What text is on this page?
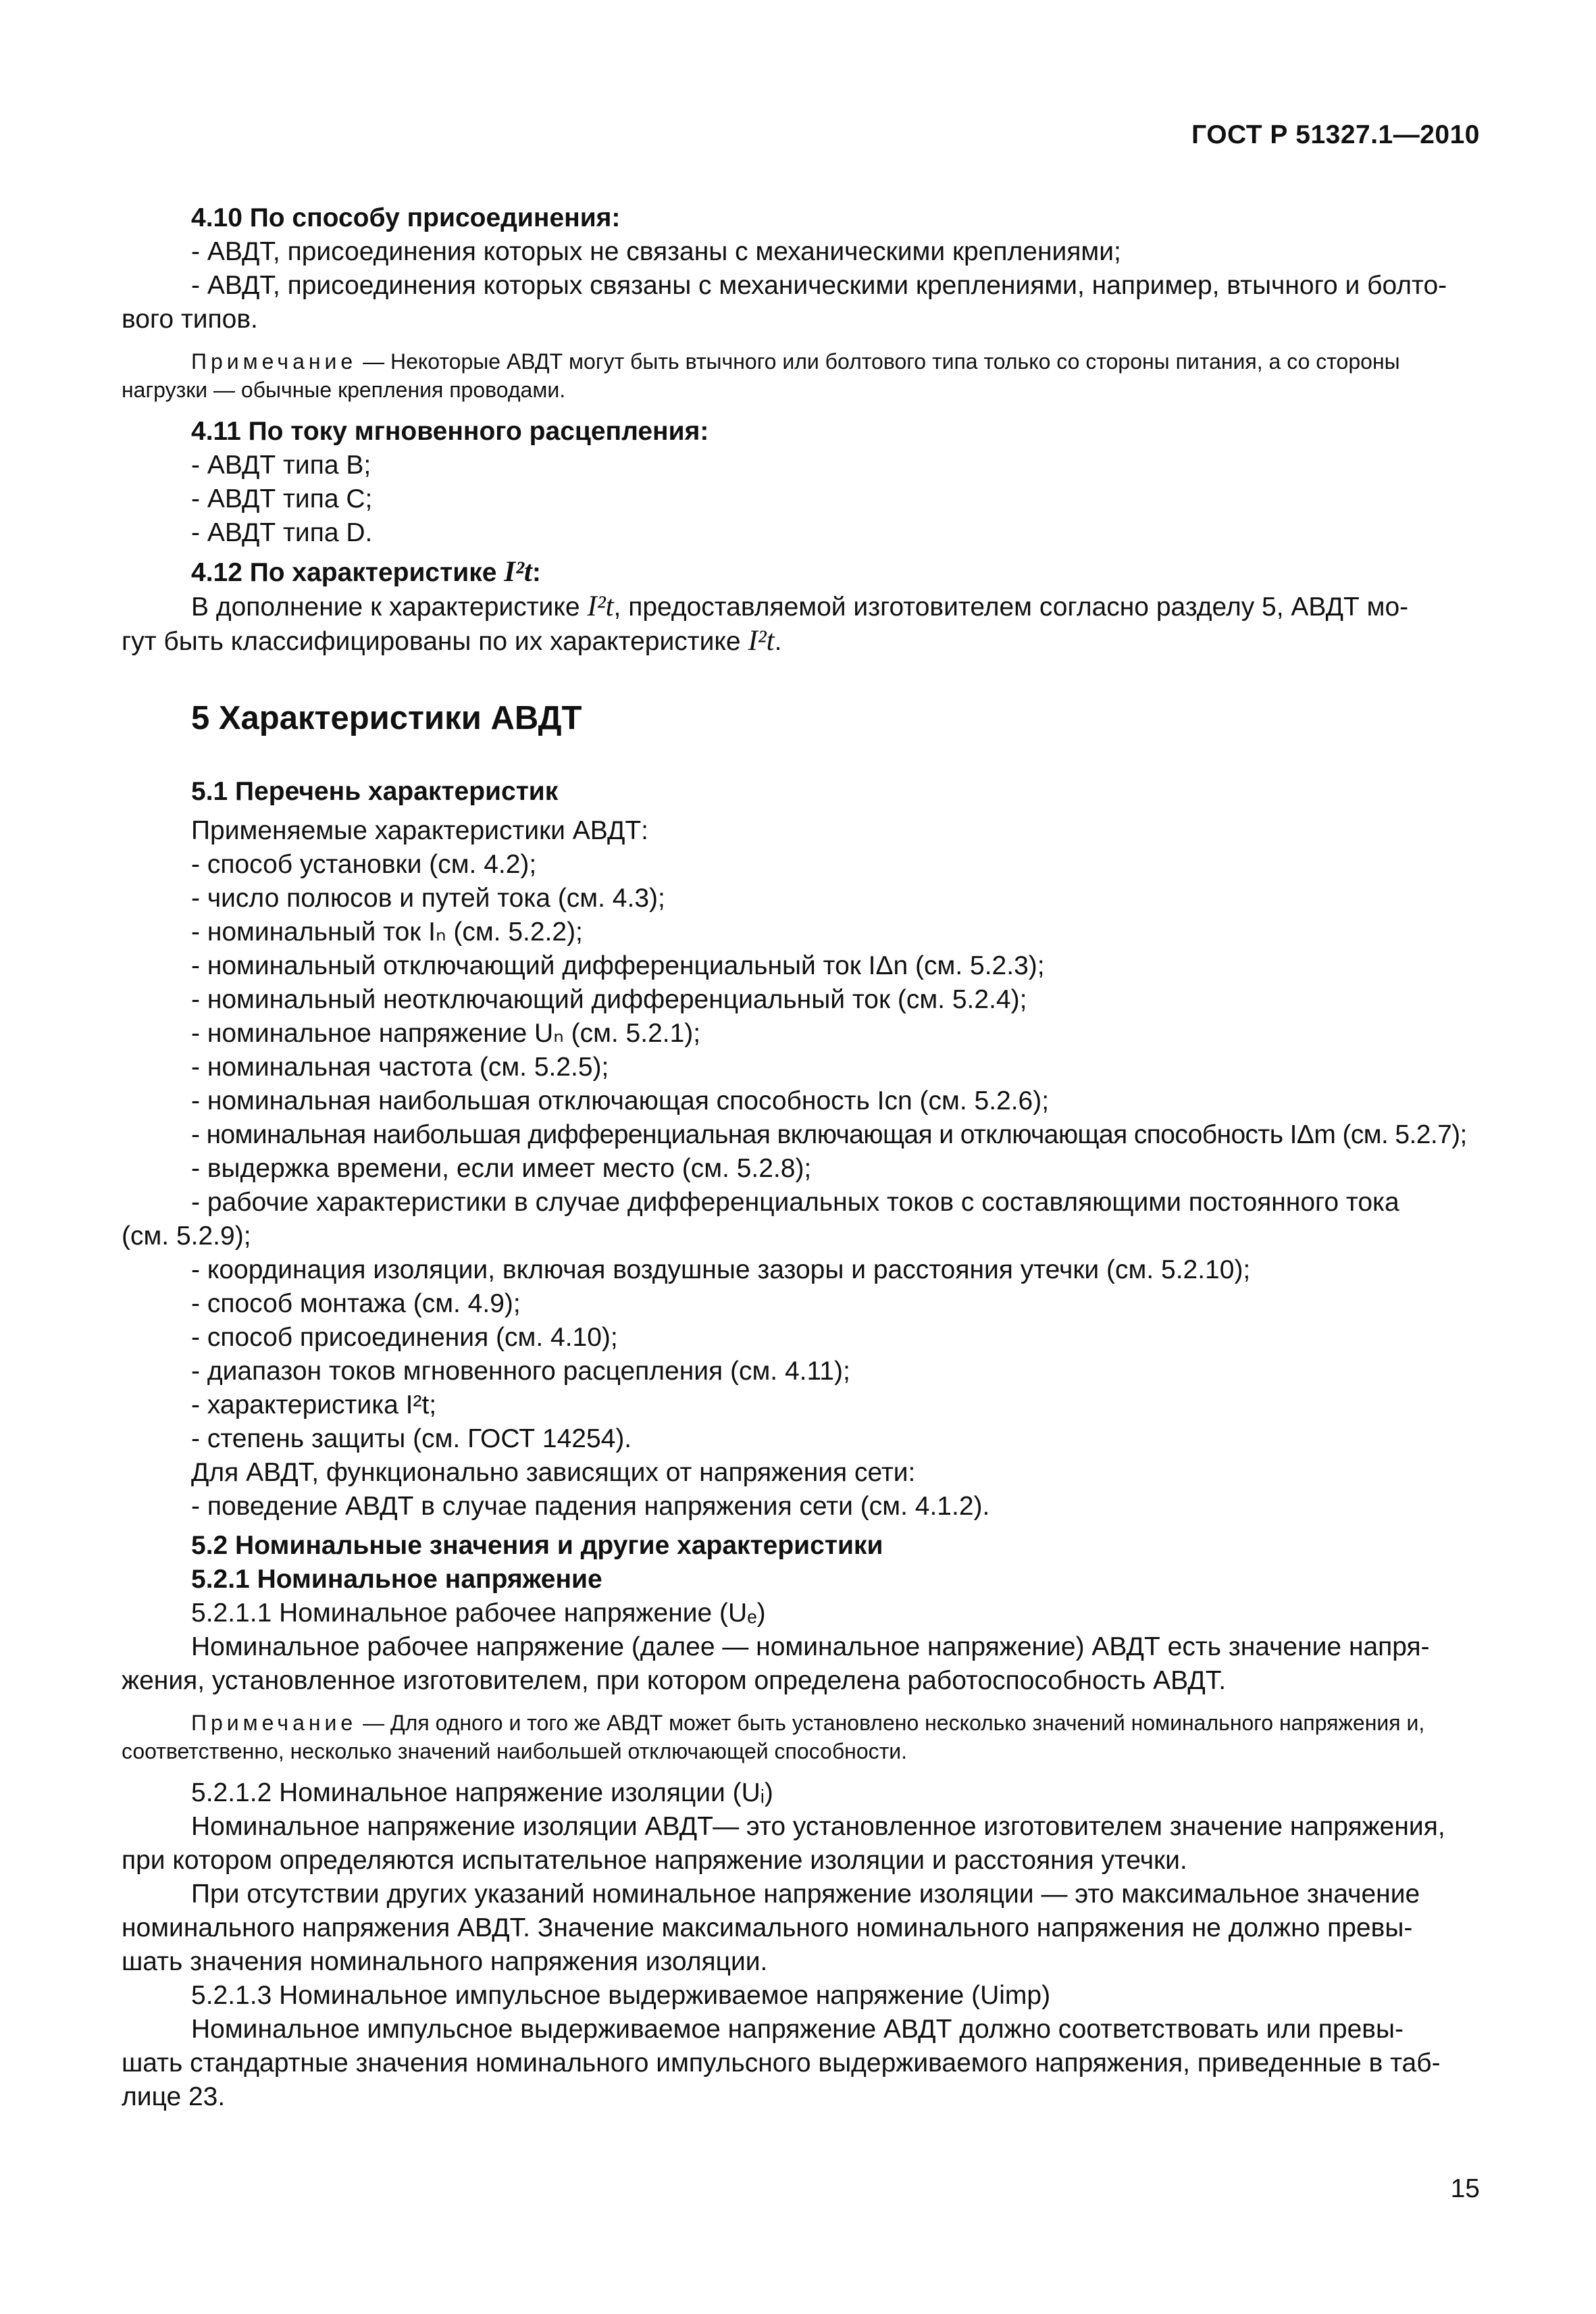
ГОСТ Р 51327.1—2010

4.10 По способу присоединения:

- АВДТ, присоединения которых не связаны с механическими креплениями;

- АВДТ, присоединения которых связаны с механическими креплениями, например, втычного и болто-

вого типов.

Примечание — Некоторые АВДТ могут быть втычного или болтового типа только со стороны питания, а со стороны нагрузки — обычные крепления проводами.

4.11 По току мгновенного расцепления:

- АВДТ типа В;

- АВДТ типа С;

- АВДТ типа D.

4.12 По характеристике I²t:

В дополнение к характеристике I²t, предоставляемой изготовителем согласно разделу 5, АВДТ мо-

гут быть классифицированы по их характеристике I²t.

5 Характеристики АВДТ

5.1 Перечень характеристик

Применяемые характеристики АВДТ:

- способ установки (см. 4.2);

- число полюсов и путей тока (см. 4.3);

- номинальный ток Iₙ (см. 5.2.2);

- номинальный отключающий дифференциальный ток IΔn (см. 5.2.3);

- номинальный неотключающий дифференциальный ток (см. 5.2.4);

- номинальное напряжение Uₙ (см. 5.2.1);

- номинальная частота (см. 5.2.5);

- номинальная наибольшая отключающая способность Icn (см. 5.2.6);

- номинальная наибольшая дифференциальная включающая и отключающая способность IΔm (см. 5.2.7);

- выдержка времени, если имеет место (см. 5.2.8);

- рабочие характеристики в случае дифференциальных токов с составляющими постоянного тока

(см. 5.2.9);

- координация изоляции, включая воздушные зазоры и расстояния утечки (см. 5.2.10);

- способ монтажа (см. 4.9);

- способ присоединения (см. 4.10);

- диапазон токов мгновенного расцепления (см. 4.11);

- характеристика I²t;

- степень защиты (см. ГОСТ 14254).

Для АВДТ, функционально зависящих от напряжения сети:

- поведение АВДТ в случае падения напряжения сети (см. 4.1.2).

5.2 Номинальные значения и другие характеристики

5.2.1 Номинальное напряжение

5.2.1.1 Номинальное рабочее напряжение (Uₑ)

Номинальное рабочее напряжение (далее — номинальное напряжение) АВДТ есть значение напря-

жения, установленное изготовителем, при котором определена работоспособность АВДТ.

Примечание — Для одного и того же АВДТ может быть установлено несколько значений номинального напряжения и, соответственно, несколько значений наибольшей отключающей способности.

5.2.1.2 Номинальное напряжение изоляции (Uᵢ)

Номинальное напряжение изоляции АВДТ— это установленное изготовителем значение напряжения,

при котором определяются испытательное напряжение изоляции и расстояния утечки.

При отсутствии других указаний номинальное напряжение изоляции — это максимальное значение

номинального напряжения АВДТ. Значение максимального номинального напряжения не должно превы-

шать значения номинального напряжения изоляции.

5.2.1.3 Номинальное импульсное выдерживаемое напряжение (Uimp)

Номинальное импульсное выдерживаемое напряжение АВДТ должно соответствовать или превы-

шать стандартные значения номинального импульсного выдерживаемого напряжения, приведенные в таб-

лице 23.

15
